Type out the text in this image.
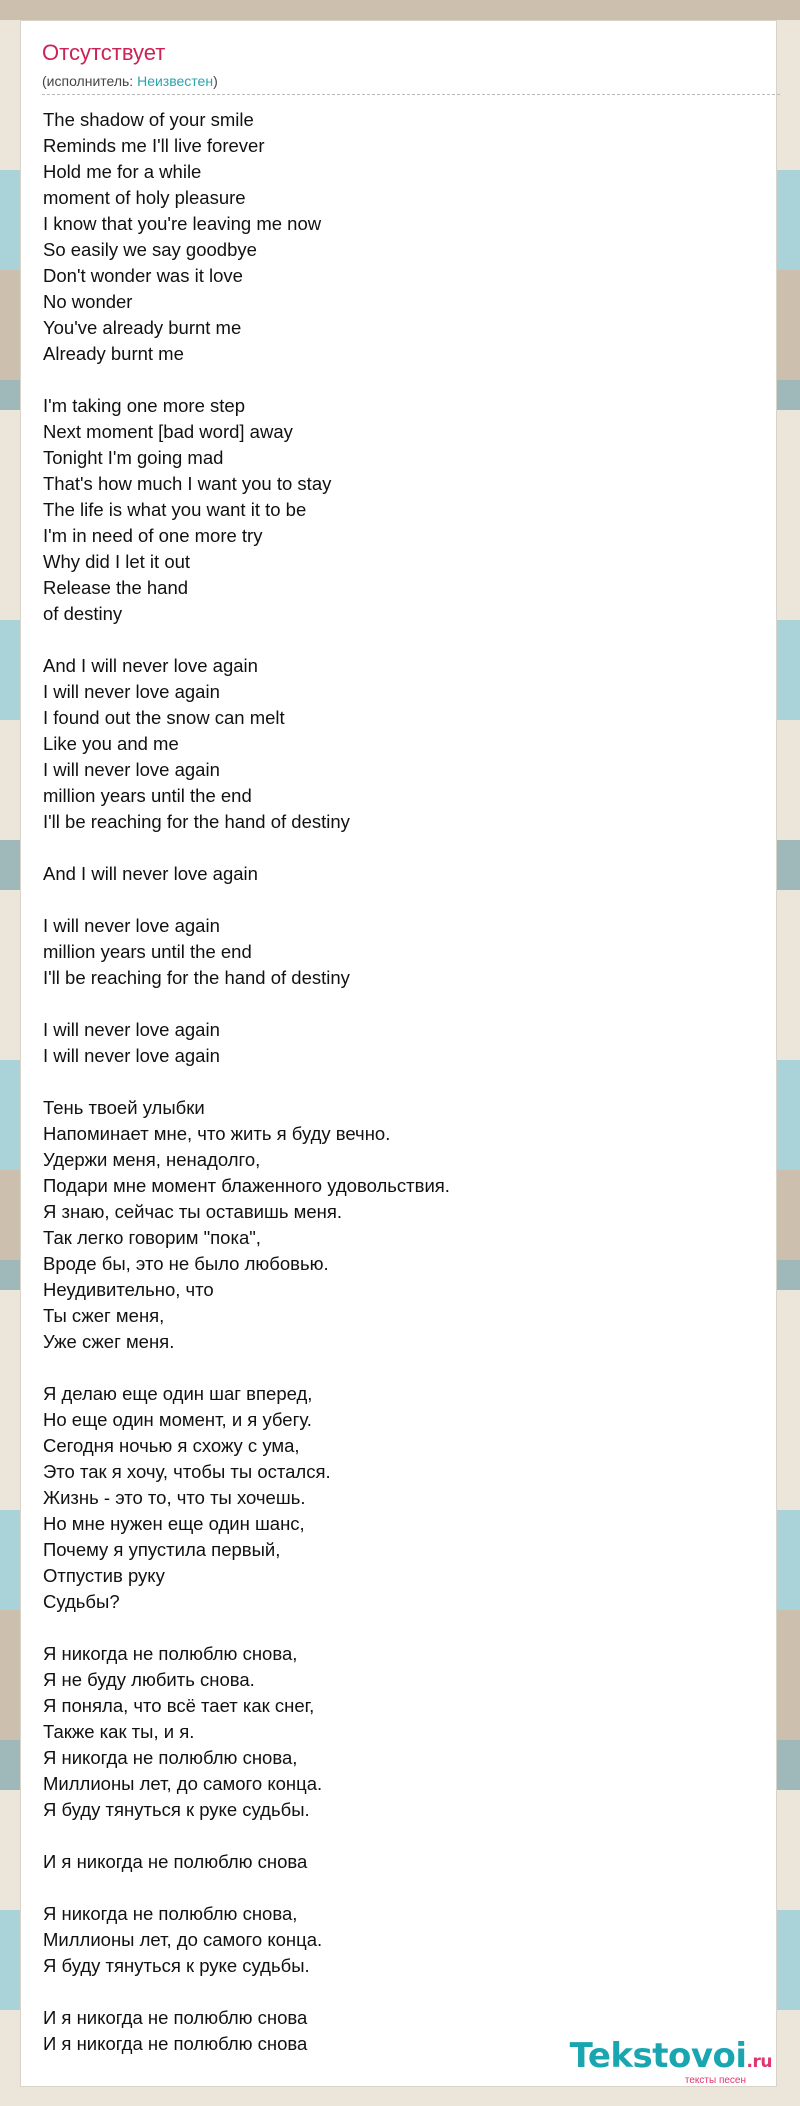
Отсутствует
(исполнитель: Неизвестен)
The shadow of your smile
Reminds me I'll live forever
Hold me for a while
moment of holy pleasure
I know that you're leaving me now
So easily we say goodbye
Don't wonder was it love
No wonder
You've already burnt me
Already burnt me
I'm taking one more step
Next moment [bad word] away
Tonight I'm going mad
That's how much I want you to stay
The life is what you want it to be
I'm in need of one more try
Why did I let it out
Release the hand
of destiny
And I will never love again
I will never love again
I found out the snow can melt
Like you and me
I will never love again
million years until the end
I'll be reaching for the hand of destiny
And I will never love again
I will never love again
million years until the end
I'll be reaching for the hand of destiny
I will never love again
I will never love again
Тень твоей улыбки
Напоминает мне, что жить я буду вечно.
Удержи меня, ненадолго,
Подари мне момент блаженного удовольствия.
Я знаю, сейчас ты оставишь меня.
Так легко говорим "пока",
Вроде бы, это не было любовью.
Неудивительно, что
Ты сжег меня,
Уже сжег меня.
Я делаю еще один шаг вперед,
Но еще один момент, и я убегу.
Сегодня ночью я схожу с ума,
Это так я хочу, чтобы ты остался.
Жизнь - это то, что ты хочешь.
Но мне нужен еще один шанс,
Почему я упустила первый,
Отпустив руку
Судьбы?
Я никогда не полюблю снова,
Я не буду любить снова.
Я поняла, что всё тает как снег,
Также как ты, и я.
Я никогда не полюблю снова,
Миллионы лет, до самого конца.
Я буду тянуться к руке судьбы.
И я никогда не полюблю снова
Я никогда не полюблю снова,
Миллионы лет, до самого конца.
Я буду тянуться к руке судьбы.
И я никогда не полюблю снова
И я никогда не полюблю снова	Tekstovoi.ru
тексты песен
